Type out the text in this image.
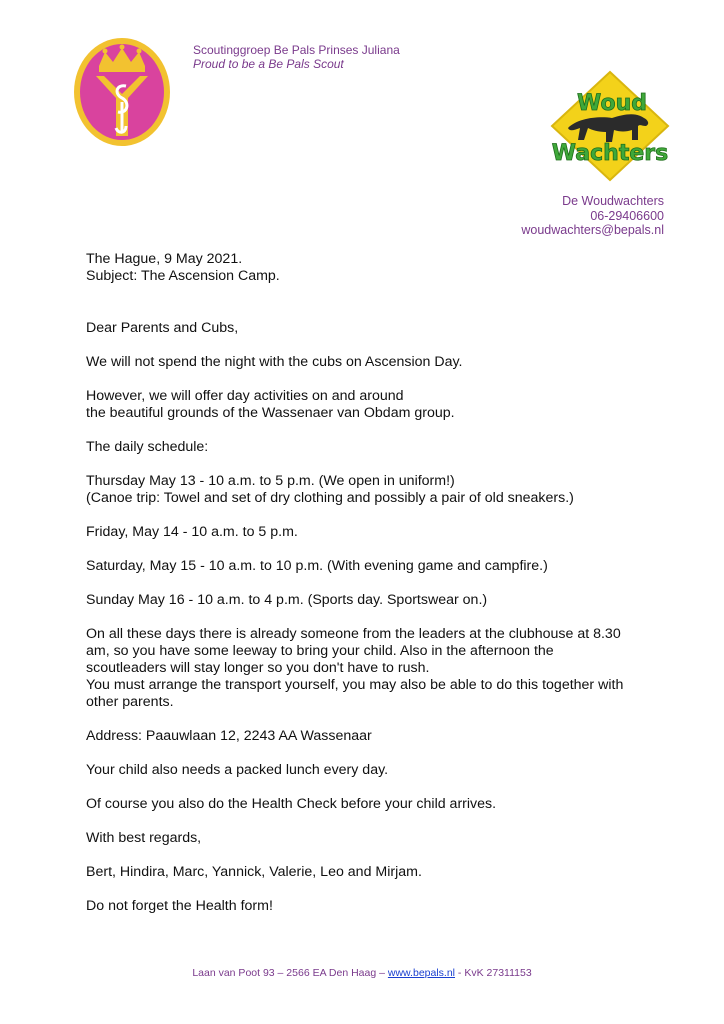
Scoutinggroep Be Pals Prinses Juliana
Proud to be a Be Pals Scout
Woud
Wachters
De Woudwachters
06-29406600
woudwachters@bepals.nl
The Hague, 9 May 2021.
Subject: The Ascension Camp.
Dear Parents and Cubs,
We will not spend the night with the cubs on Ascension Day.
However, we will offer day activities on and around
the beautiful grounds of the Wassenaer van Obdam group.
The daily schedule:
Thursday May 13 - 10 a.m. to 5 p.m. (We open in uniform!)
(Canoe trip: Towel and set of dry clothing and possibly a pair of old sneakers.)
Friday, May 14 - 10 a.m. to 5 p.m.
Saturday, May 15 - 10 a.m. to 10 p.m. (With evening game and campfire.)
Sunday May 16 - 10 a.m. to 4 p.m. (Sports day. Sportswear on.)
On all these days there is already someone from the leaders at the clubhouse at 8.30
am, so you have some leeway to bring your child. Also in the afternoon the
scoutleaders will stay longer so you don't have to rush.
You must arrange the transport yourself, you may also be able to do this together with
other parents.
Address: Paauwlaan 12, 2243 AA Wassenaar
Your child also needs a packed lunch every day.
Of course you also do the Health Check before your child arrives.
With best regards,
Bert, Hindira, Marc, Yannick, Valerie, Leo and Mirjam.
Do not forget the Health form!
Laan van Poot 93 – 2566 EA Den Haag – www.bepals.nl - KvK 27311153
